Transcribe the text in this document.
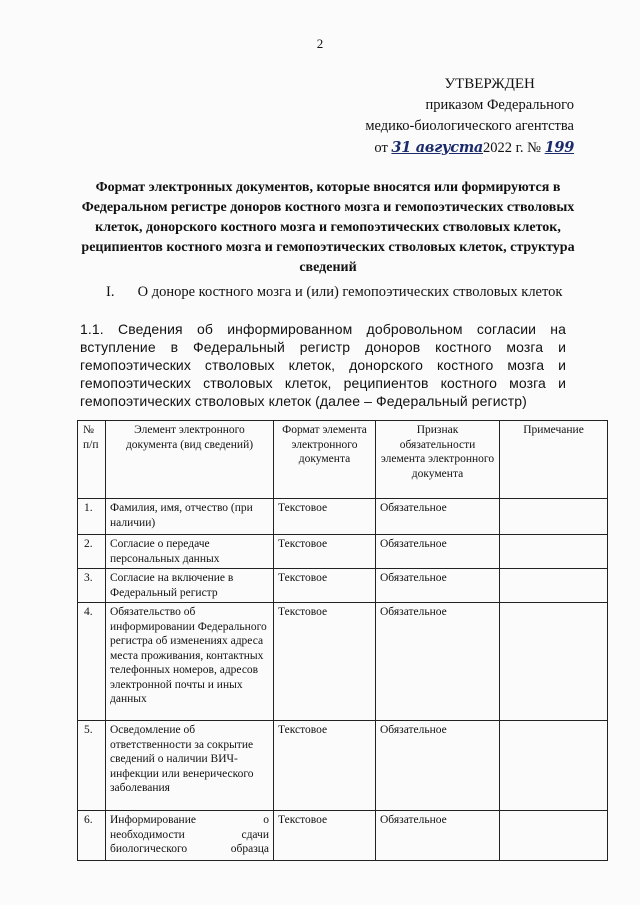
2
УТВЕРЖДЕН
приказом Федерального
медико-биологического агентства
от 31 августа2022 г. № 199
Формат электронных документов, которые вносятся или формируются в Федеральном регистре доноров костного мозга и гемопоэтических стволовых клеток, донорского костного мозга и гемопоэтических стволовых клеток, реципиентов костного мозга и гемопоэтических стволовых клеток, структура сведений
I. О доноре костного мозга и (или) гемопоэтических стволовых клеток
1.1. Сведения об информированном добровольном согласии на вступление в Федеральный регистр доноров костного мозга и гемопоэтических стволовых клеток, донорского костного мозга и гемопоэтических стволовых клеток, реципиентов костного мозга и гемопоэтических стволовых клеток (далее – Федеральный регистр)
№ п/п	Элемент электронного документа (вид сведений)	Формат элемента электронного документа	Признак обязательности элемента электронного документа	Примечание
1.	Фамилия, имя, отчество (при наличии)	Текстовое	Обязательное	
2.	Согласие о передаче персональных данных	Текстовое	Обязательное	
3.	Согласие на включение в Федеральный регистр	Текстовое	Обязательное	
4.	Обязательство об информировании Федерального регистра об изменениях адреса места проживания, контактных телефонных номеров, адресов электронной почты и иных данных	Текстовое	Обязательное	
5.	Осведомление об ответственности за сокрытие сведений о наличии ВИЧ-инфекции или венерического заболевания	Текстовое	Обязательное	
6.	Информирование о необходимости сдачи биологического образца	Текстовое	Обязательное	
